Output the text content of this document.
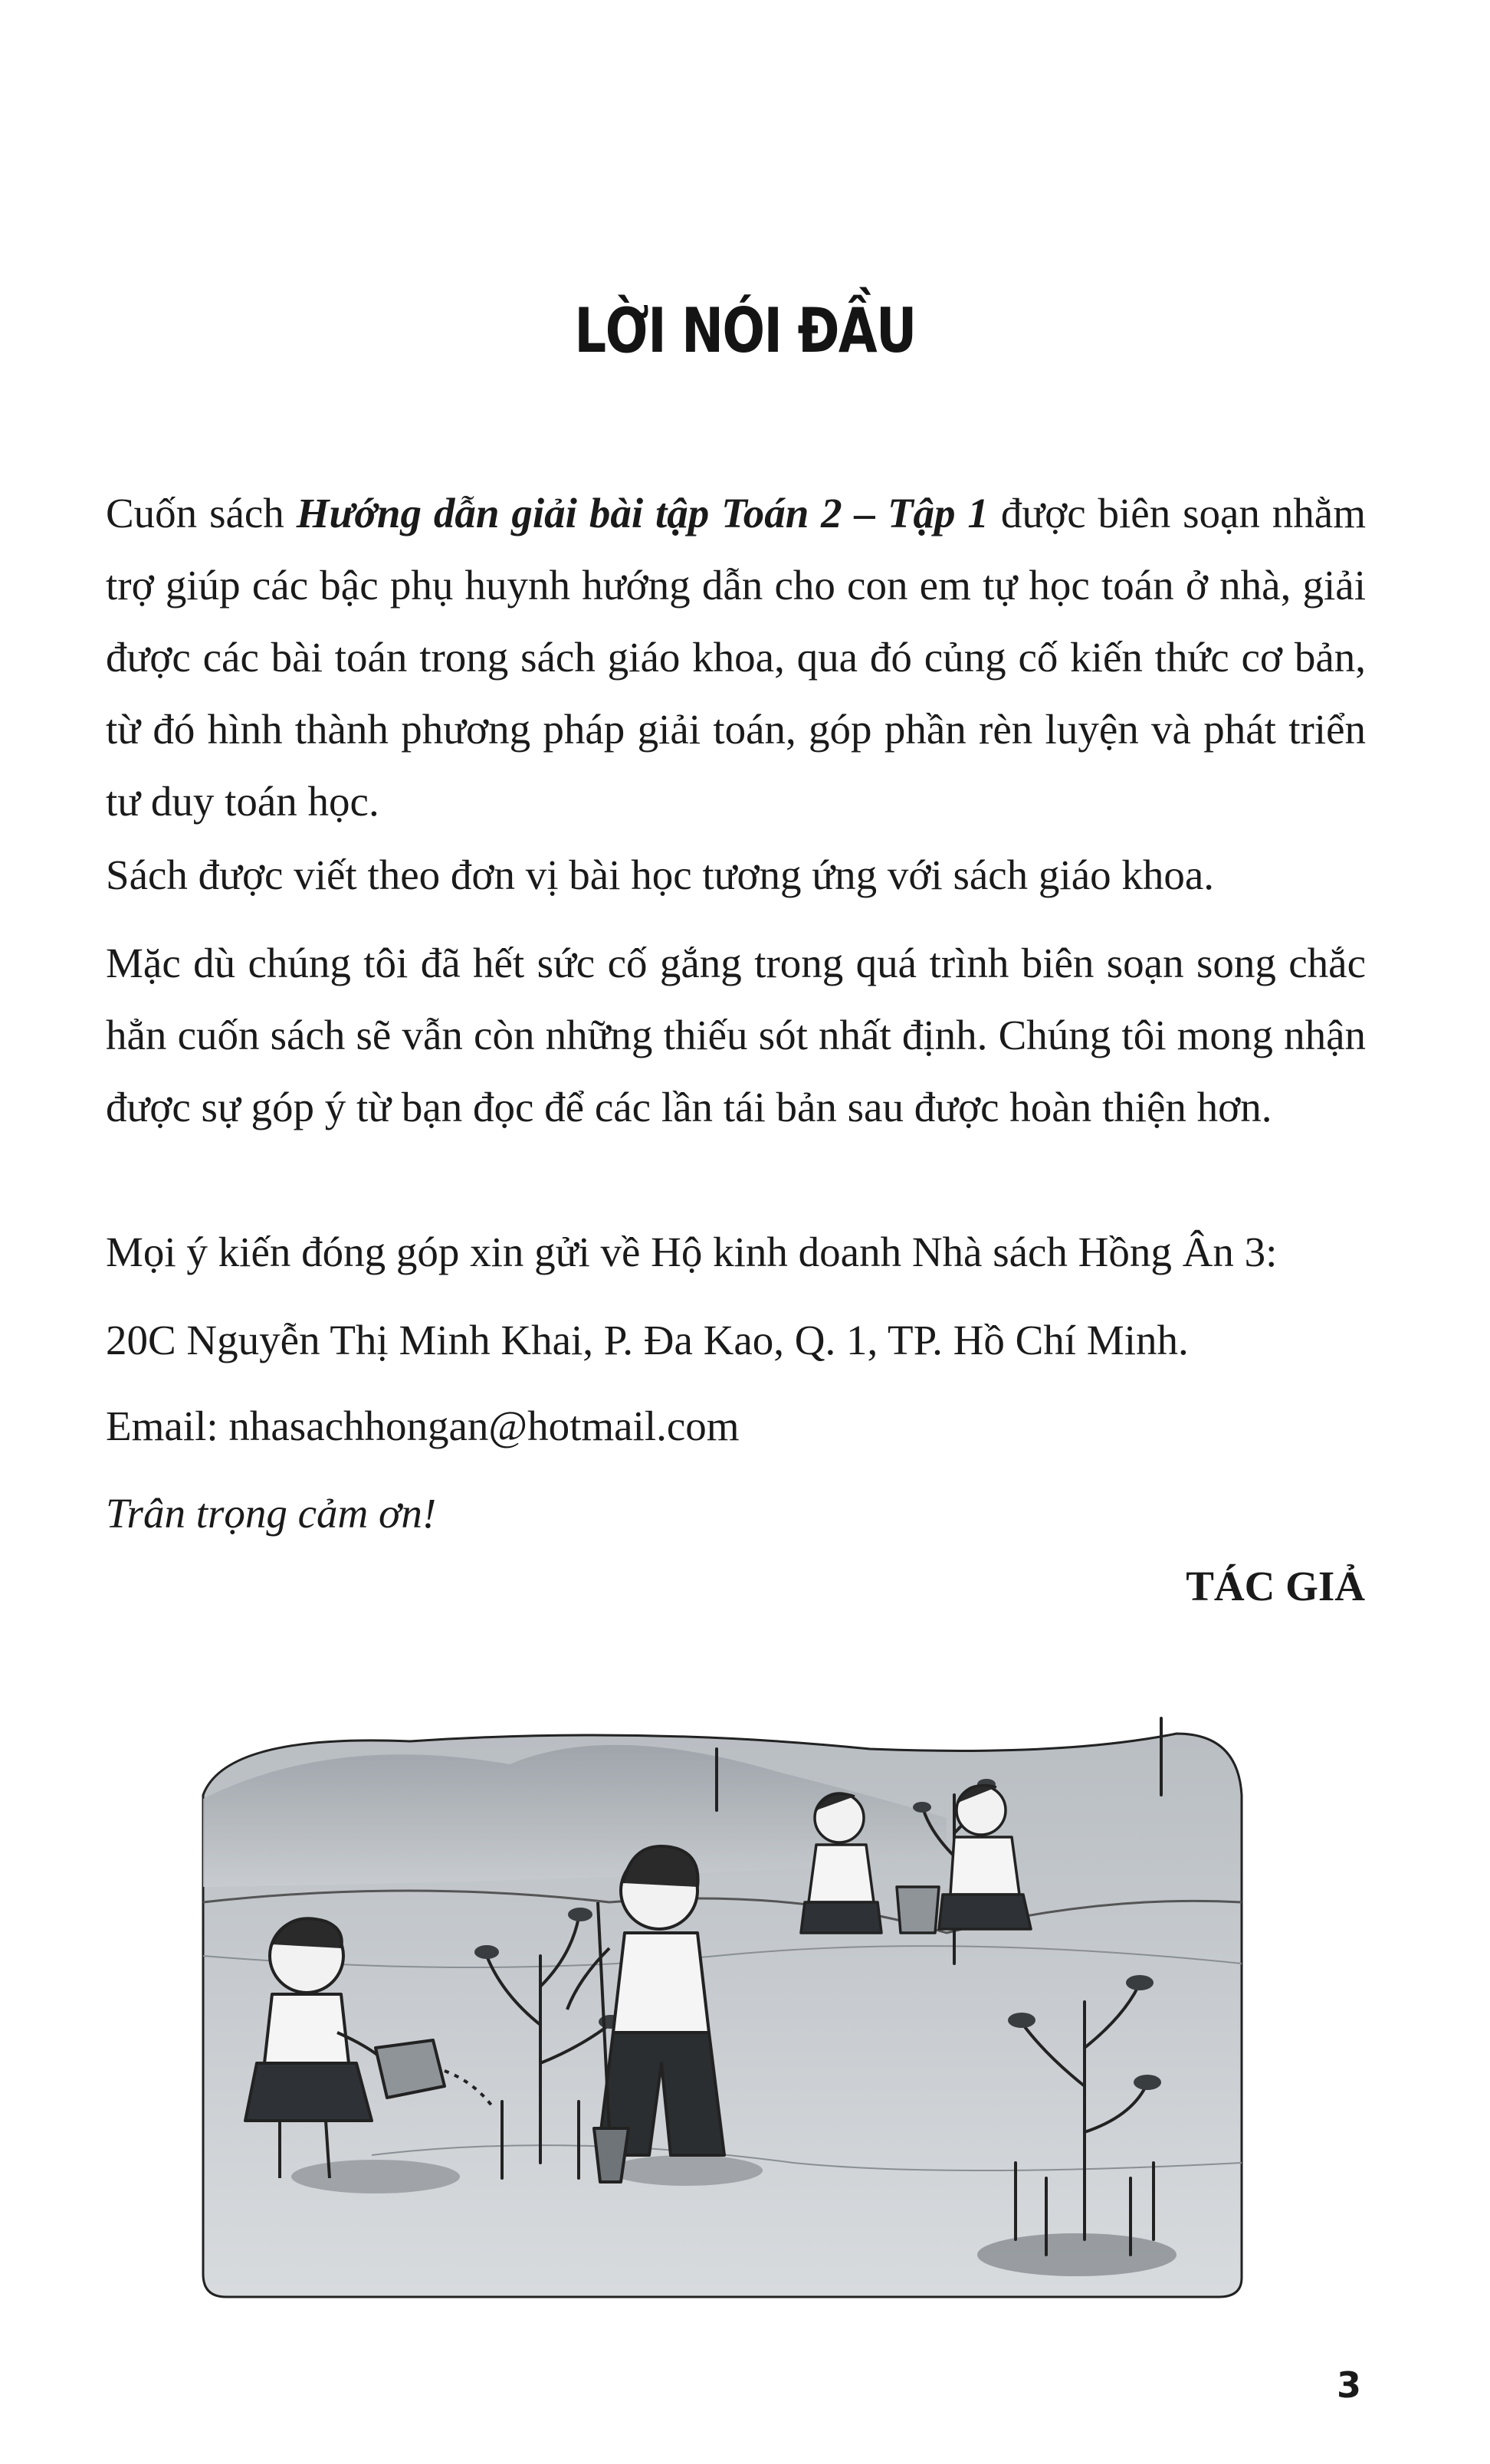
LỜI NÓI ĐẦU

Cuốn sách Hướng dẫn giải bài tập Toán 2 – Tập 1 được biên soạn nhằm trợ giúp các bậc phụ huynh hướng dẫn cho con em tự học toán ở nhà, giải được các bài toán trong sách giáo khoa, qua đó củng cố kiến thức cơ bản, từ đó hình thành phương pháp giải toán, góp phần rèn luyện và phát triển tư duy toán học.

Sách được viết theo đơn vị bài học tương ứng với sách giáo khoa.

Mặc dù chúng tôi đã hết sức cố gắng trong quá trình biên soạn song chắc hẳn cuốn sách sẽ vẫn còn những thiếu sót nhất định. Chúng tôi mong nhận được sự góp ý từ bạn đọc để các lần tái bản sau được hoàn thiện hơn.

Mọi ý kiến đóng góp xin gửi về Hộ kinh doanh Nhà sách Hồng Ân 3:

20C Nguyễn Thị Minh Khai, P. Đa Kao, Q. 1, TP. Hồ Chí Minh.

Email: nhasachhongan@hotmail.com

Trân trọng cảm ơn!

TÁC GIẢ

3
